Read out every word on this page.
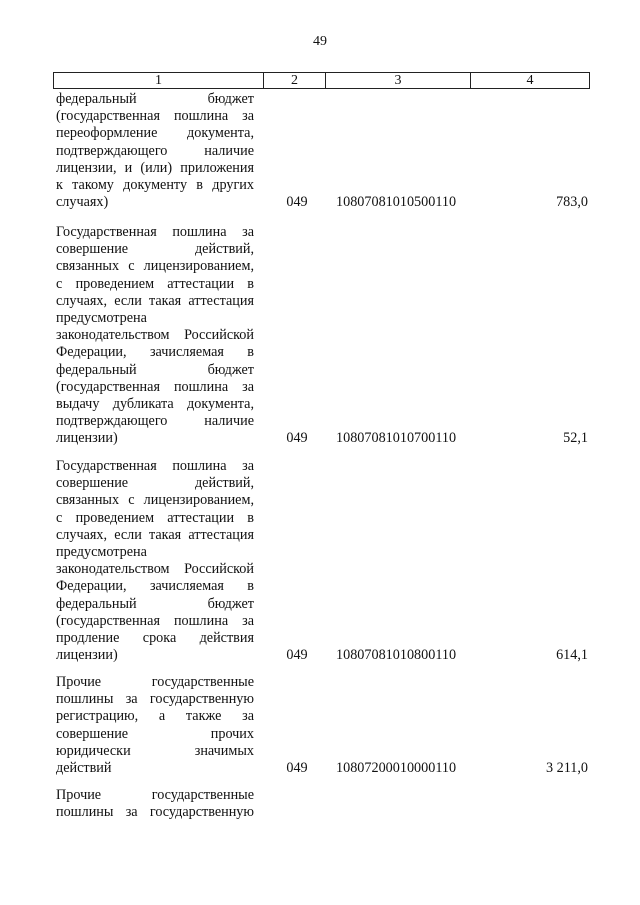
49
1	2	3	4
федеральный бюджет
(государственная пошлина за
переоформление документа,
подтверждающего наличие
лицензии, и (или) приложения
к такому документу в других
случаях)	049	10807081010500110	783,0
Государственная пошлина за
совершение действий,
связанных с лицензированием,
с проведением аттестации в
случаях, если такая аттестация
предусмотрена
законодательством Российской
Федерации, зачисляемая в
федеральный бюджет
(государственная пошлина за
выдачу дубликата документа,
подтверждающего наличие
лицензии)	049	10807081010700110	52,1
Государственная пошлина за
совершение действий,
связанных с лицензированием,
с проведением аттестации в
случаях, если такая аттестация
предусмотрена
законодательством Российской
Федерации, зачисляемая в
федеральный бюджет
(государственная пошлина за
продление срока действия
лицензии)	049	10807081010800110	614,1
Прочие государственные
пошлины за государственную
регистрацию, а также за
совершение прочих
юридически значимых
действий	049	10807200010000110	3 211,0
Прочие государственные
пошлины за государственную
